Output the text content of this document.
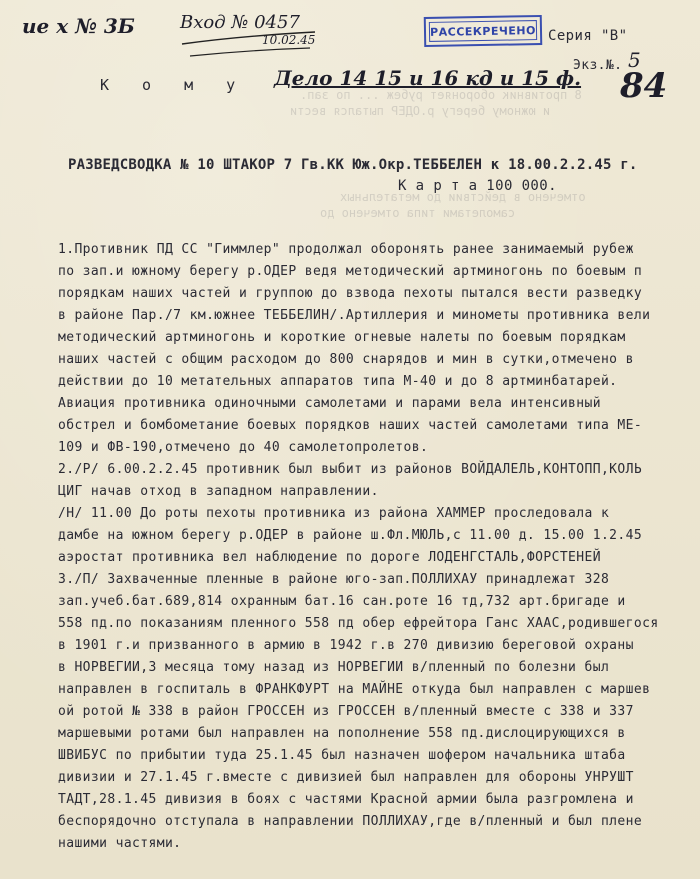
8 противник обороняет рубеж ... по зап.
и южному берегу р.ОДЕР пытался вести
отмечено в действии до метательных
самолетами типа отмечено до
ие х № 3Б	Вход № 0457
10.02.45
РАССЕКРЕЧЕНО Серия "В"
Экз.№. 5
84
К о м у Дело 14 15 и 16 кд и 15 ф.
РАЗВЕДСВОДКА № 10 ШТАКОР 7 Гв.КК Юж.Окр.ТЕББЕЛЕН к 18.00.2.2.45 г.
К а р т а 100 000.
1.Противник ПД СС "Гиммлер" продолжал оборонять ранее занимаемый рубеж
по зап.и южному берегу р.ОДЕР ведя методический артминогонь по боевым п
порядкам наших частей и группою до взвода пехоты пытался вести разведку
в районе Пар./7 км.южнее ТЕББЕЛИН/.Артиллерия и минометы противника вели
методический артминогонь и короткие огневые налеты по боевым порядкам
наших частей с общим расходом до 800 снарядов и мин в сутки,отмечено в
действии до 10 метательных аппаратов типа М-40 и до 8 артминбатарей.
Авиация противника одиночными самолетами и парами вела интенсивный
обстрел и бомбометание боевых порядков наших частей самолетами типа МЕ-
109 и ФВ-190,отмечено до 40 самолетопролетов.
2./Р/ 6.00.2.2.45 противник был выбит из районов ВОЙДАЛЕЛЬ,КОНТОПП,КОЛЬ
ЦИГ начав отход в западном направлении.
/Н/ 11.00 До роты пехоты противника из района ХАММЕР проследовала к
дамбе на южном берегу р.ОДЕР в районе ш.Фл.МЮЛЬ,с 11.00 д. 15.00 1.2.45
аэростат противника вел наблюдение по дороге ЛОДЕНГСТАЛЬ,ФОРСТЕНЕЙ
3./П/ Захваченные пленные в районе юго-зап.ПОЛЛИХАУ принадлежат 328
зап.учеб.бат.689,814 охранным бат.16 сан.роте 16 тд,732 арт.бригаде и
558 пд.по показаниям пленного 558 пд обер ефрейтора Ганс ХААС,родившегося
в 1901 г.и призванного в армию в 1942 г.в 270 дивизию береговой охраны
в НОРВЕГИИ,3 месяца тому назад из НОРВЕГИИ в/пленный по болезни был
направлен в госпиталь в ФРАНКФУРТ на МАЙНЕ откуда был направлен с маршев
ой ротой № 338 в район ГРОССЕН из ГРОССЕН в/пленный вместе с 338 и 337
маршевыми ротами был направлен на пополнение 558 пд.дислоцирующихся в
ШВИБУС по прибытии туда 25.1.45 был назначен шофером начальника штаба
дивизии и 27.1.45 г.вместе с дивизией был направлен для обороны УНРУШТ
ТАДТ,28.1.45 дивизия в боях с частями Красной армии была разгромлена и
беспорядочно отступала в направлении ПОЛЛИХАУ,где в/пленный и был плене
нашими частями.
